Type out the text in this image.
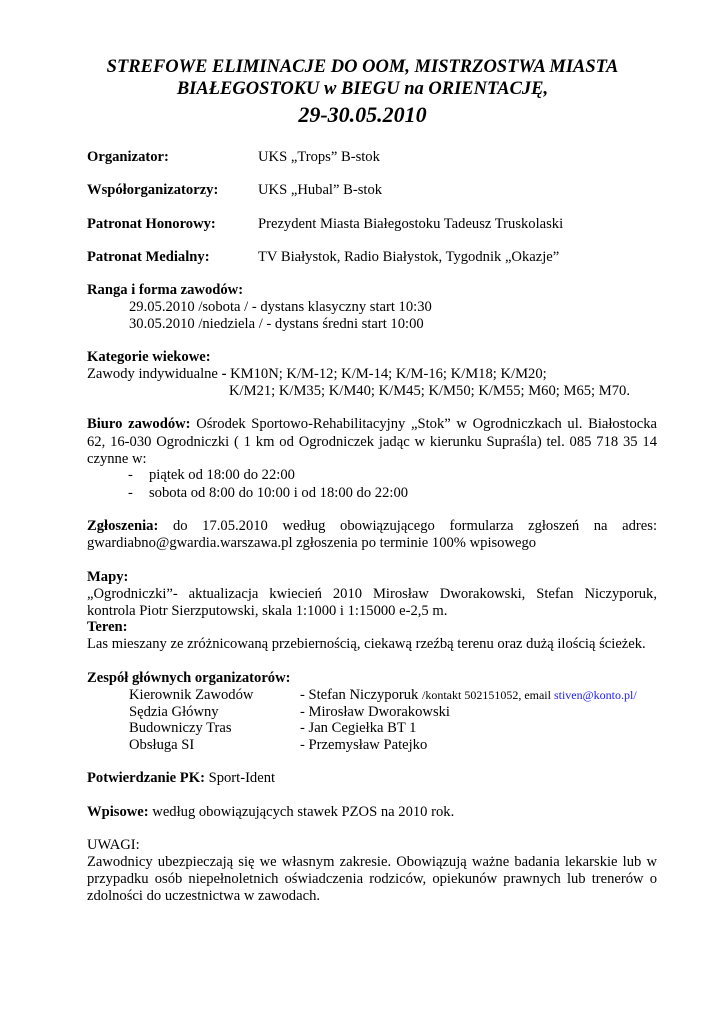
STREFOWE ELIMINACJE DO OOM, MISTRZOSTWA MIASTA
BIAŁEGOSTOKU w BIEGU na ORIENTACJĘ,
29-30.05.2010
Organizator:	UKS „Trops” B-stok
Współorganizatorzy:	UKS „Hubal” B-stok
Patronat Honorowy:	Prezydent Miasta Białegostoku Tadeusz Truskolaski
Patronat Medialny:	TV Białystok, Radio Białystok, Tygodnik „Okazje”
Ranga i forma zawodów:
29.05.2010 /sobota / - dystans klasyczny start 10:30
30.05.2010 /niedziela / - dystans średni start 10:00
Kategorie wiekowe:
Zawody indywidualne - KM10N; K/M-12; K/M-14; K/M-16; K/M18; K/M20;
K/M21; K/M35; K/M40; K/M45; K/M50; K/M55; M60; M65; M70.
Biuro zawodów: Ośrodek Sportowo-Rehabilitacyjny „Stok” w Ogrodniczkach ul. Białostocka
62, 16-030 Ogrodniczki ( 1 km od Ogrodniczek jadąc w kierunku Supraśla) tel. 085 718 35 14
czynne w:
- piątek od 18:00 do 22:00
- sobota od 8:00 do 10:00 i od 18:00 do 22:00
Zgłoszenia: do 17.05.2010 według obowiązującego formularza zgłoszeń na adres:
gwardiabno@gwardia.warszawa.pl zgłoszenia po terminie 100% wpisowego
Mapy:
„Ogrodniczki”- aktualizacja kwiecień 2010 Mirosław Dworakowski, Stefan Niczyporuk,
kontrola Piotr Sierzputowski, skala 1:1000 i 1:15000 e-2,5 m.
Teren:
Las mieszany ze zróżnicowaną przebiernością, ciekawą rzeźbą terenu oraz dużą ilością ścieżek.
Zespół głównych organizatorów:
Kierownik Zawodów	- Stefan Niczyporuk /kontakt 502151052, email stiven@konto.pl/
Sędzia Główny	- Mirosław Dworakowski
Budowniczy Tras	- Jan Cegiełka BT 1
Obsługa SI	- Przemysław Patejko
Potwierdzanie PK: Sport-Ident
Wpisowe: według obowiązujących stawek PZOS na 2010 rok.
UWAGI:
Zawodnicy ubezpieczają się we własnym zakresie. Obowiązują ważne badania lekarskie lub w
przypadku osób niepełnoletnich oświadczenia rodziców, opiekunów prawnych lub trenerów o
zdolności do uczestnictwa w zawodach.
